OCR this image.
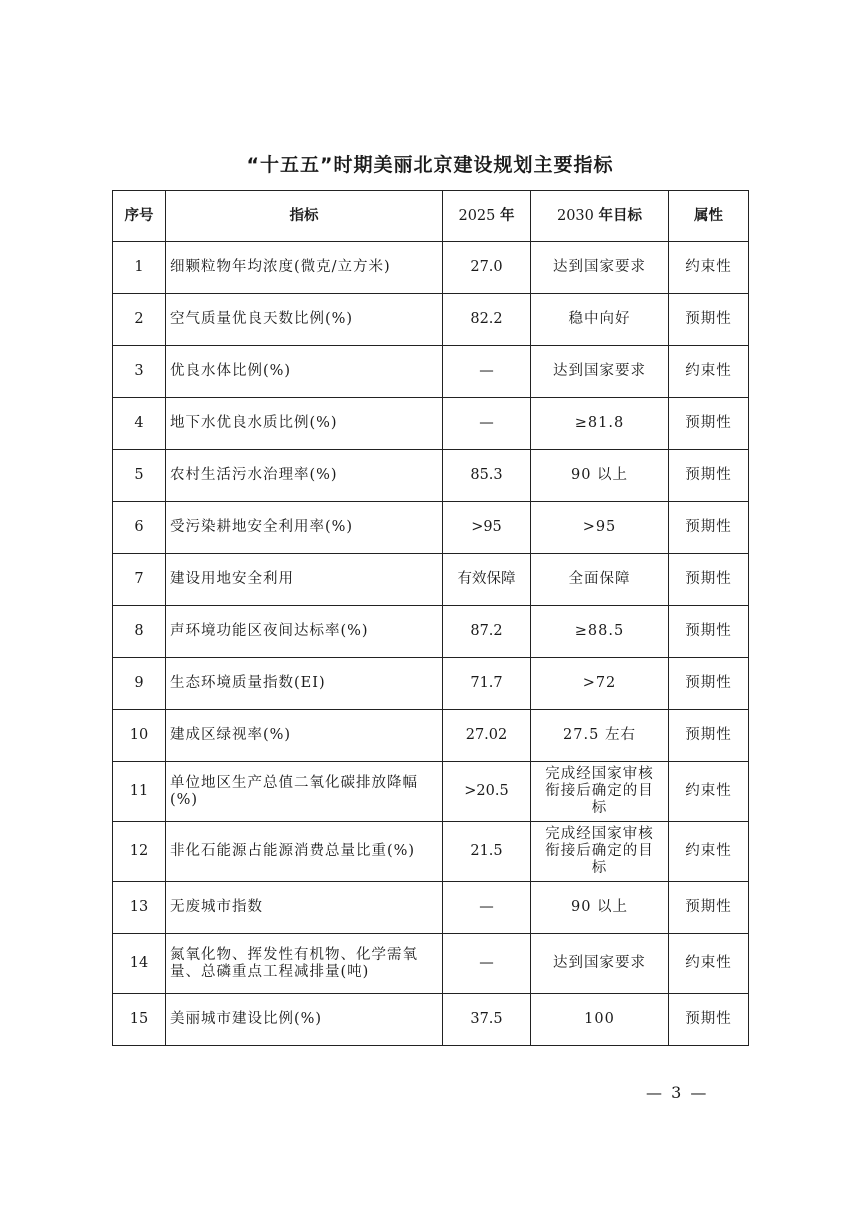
“十五五”时期美丽北京建设规划主要指标
序号	指标	2025 年	2030 年目标	属性
1	细颗粒物年均浓度(微克/立方米)	27.0	达到国家要求	约束性
2	空气质量优良天数比例(%)	82.2	稳中向好	预期性
3	优良水体比例(%)	—	达到国家要求	约束性
4	地下水优良水质比例(%)	—	≥81.8	预期性
5	农村生活污水治理率(%)	85.3	90 以上	预期性
6	受污染耕地安全利用率(%)	>95	>95	预期性
7	建设用地安全利用	有效保障	全面保障	预期性
8	声环境功能区夜间达标率(%)	87.2	≥88.5	预期性
9	生态环境质量指数(EI)	71.7	>72	预期性
10	建成区绿视率(%)	27.02	27.5 左右	预期性
11	单位地区生产总值二氧化碳排放降幅(%)	>20.5	完成经国家审核衔接后确定的目标	约束性
12	非化石能源占能源消费总量比重(%)	21.5	完成经国家审核衔接后确定的目标	约束性
13	无废城市指数	—	90 以上	预期性
14	氮氧化物、挥发性有机物、化学需氧量、总磷重点工程减排量(吨)	—	达到国家要求	约束性
15	美丽城市建设比例(%)	37.5	100	预期性
— 3 —
